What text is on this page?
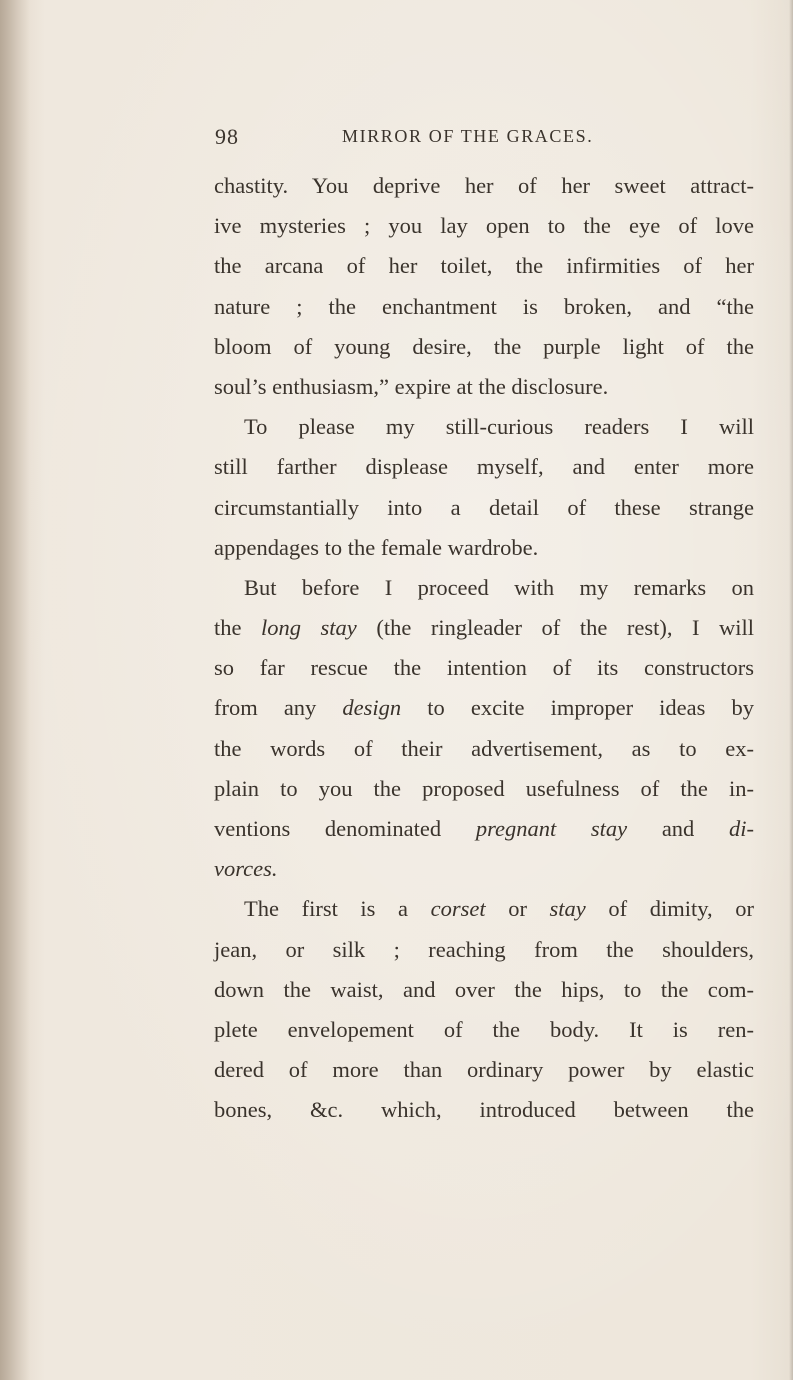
98	MIRROR OF THE GRACES.
chastity. You deprive her of her sweet attract-
ive mysteries ; you lay open to the eye of love
the arcana of her toilet, the infirmities of her
nature ; the enchantment is broken, and “the
bloom of young desire, the purple light of the
soul’s enthusiasm,” expire at the disclosure.
To please my still-curious readers I will
still farther displease myself, and enter more
circumstantially into a detail of these strange
appendages to the female wardrobe.
But before I proceed with my remarks on
the long stay (the ringleader of the rest), I will
so far rescue the intention of its constructors
from any design to excite improper ideas by
the words of their advertisement, as to ex-
plain to you the proposed usefulness of the in-
ventions denominated pregnant stay and di-
vorces.
The first is a corset or stay of dimity, or
jean, or silk ; reaching from the shoulders,
down the waist, and over the hips, to the com-
plete envelopement of the body. It is ren-
dered of more than ordinary power by elastic
bones, &c. which, introduced between the
